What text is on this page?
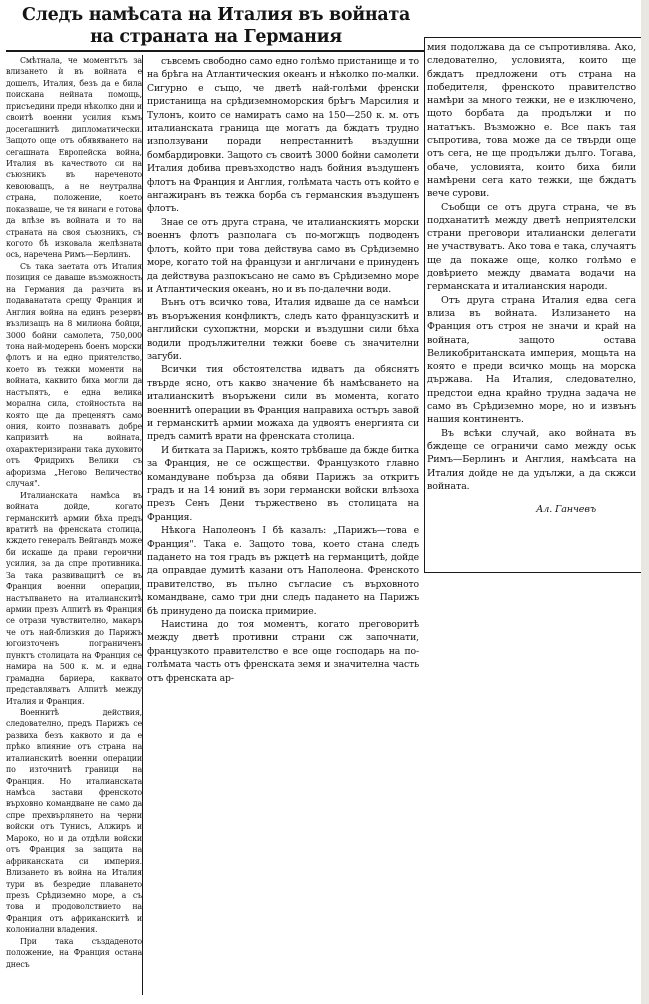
Следъ намѣсата на Италия въ войната
на страната на Германия

Смѣтнала, че моментътъ за влизането ѝ въ войната е дошелъ, Италия, безъ да е била поискана нейната помощь, присъедини преди нѣколко дни и своитѣ военни усилия къмъ досегашнитѣ дипломатически. Защото още отъ обявяването на сегашната Европейска война, Италия въ качеството си на съюзникъ въ нареченото кевоюващъ, а не неутрална страна, положение, което показваше, че тя винаги е готова да влѣзе въ войната и то на страната на своя съюзникъ, съ когото бѣ изковала желѣзната ось, наречена Римъ—Берлинъ.

Съ така заетата отъ Италия позиция се даваше възможность на Германия да разчита въ подаванатата срещу Франция и Англия война на единъ резервъ възлизащъ на 8 милиона бойци, 3000 бойни самолета, 750,000 тона най-модерень боенъ морски флотъ и на едно приятелство, което въ тежки моменти на войната, каквито биха могли да настъпятъ, е една велика морална сила, стойностьта на която ще да преценятъ само ония, които познаватъ добре капризитѣ на войната, охарактеризирани така духовито отъ Фридрихъ Велики съ афоризма „Негово Величество случая".

Италианската намѣса въ войната дойде, когато германскитѣ армии бѣха предъ вратитѣ на френската столица, кждето генералъ Вейгандъ може би искаше да прави героични усилия, за да спре противника. За така развиващитѣ се въ Франция военни операции, настъпването на италианскитѣ армии презъ Алпитѣ въ Франция се отрази чувствително, макаръ че отъ най-близкия до Парижъ югоизточенъ пограниченъ пунктъ столицата на Франция се намира на 500 к. м. и една грамадна бариера, каквато представляватъ Алпитѣ между Италия и Франция.

Военнитѣ действия, следователно, предъ Парижъ се развиха безъ каквото и да е прѣко влияние отъ страна на италианскитѣ военни операции по източнитѣ граници на Франция. Но италианската намѣса застави френското върховно командване не само да спре прехвърлянето на черни войски отъ Тунисъ, Алжиръ и Мароко, но и да отдѣли войски отъ Франция за защита на африканската си империя. Влизането въ война на Италия тури въ безредие плаването презъ Срѣдиземно море, а съ това и продоволствието на Франция отъ африканскитѣ и колониални владения.

При така създаденото положение, на Франция остана днесъ

съвсемъ свободно само едно голѣмо пристанище и то на брѣга на Атлантическия океанъ и нѣколко по-малки. Сигурно е също, че дветѣ най-голѣми френски пристанища на срѣдиземноморския брѣгъ Марсилия и Тулонъ, които се намиратъ само на 150—250 к. м. отъ италианската граница ще могатъ да бждатъ трудно използувани поради непрестаннитѣ въздушни бомбардировки. Защото съ своитѣ 3000 бойни самолети Италия добива превъзходство надъ бойния въздушенъ флотъ на Франция и Англия, голѣмата часть отъ който е ангажиранъ въ тежка борба съ германския въздушенъ флотъ.

Знае се отъ друга страна, че италианскиятъ морски военнъ флотъ разполага съ по-могжщъ подводенъ флотъ, който при това действува само въ Срѣдиземно море, когато той на французи и англичани е принуденъ да действува разпокъсано не само въ Срѣдиземно море и Атлантическия океанъ, но и въ по-далечни води.

Вънъ отъ всичко това, Италия идваше да се намѣси въ въоръжения конфликтъ, следъ като французскитѣ и английски сухопжтни, морски и въздушни сили бѣха водили продължителни тежки боеве съ значителни загуби.

Всички тия обстоятелства идватъ да обяснятъ твърде ясно, отъ какво значение бѣ намѣсването на италианскитѣ въоръжени сили въ момента, когато военнитѣ операции въ Франция направиха остъръ завой и германскитѣ армии можаха да удвоятъ енергията си предъ самитѣ врати на френската столица.

И битката за Парижъ, която трѣбваше да бжде битка за Франция, не се осжществи. Французкото главно командуване побърза да обяви Парижъ за откритъ градъ и на 14 юний въ зори германски войски влѣзоха презъ Сенъ Дени тържествено въ столицата на Франция.

Нѣкога Наполеонъ I бѣ казалъ: „Парижъ—това е Франция". Така е. Защото това, което стана следъ падането на тоя градъ въ ржцетѣ на германцитѣ, дойде да оправдае думитѣ казани отъ Наполеона. Френското правителство, въ пълно съгласие съ върховното командване, само три дни следъ падането на Парижъ бѣ принудено да поиска примирие.

Наистина до тоя моментъ, когато преговоритѣ между дветѣ противни страни сж започнати, французкото правителство е все още господарь на по-голѣмата часть отъ френската земя и значителна часть отъ френската ар-

мия подолжава да се съпротивлява. Ако, следователно, условията, които ще бждатъ предложени отъ страна на победителя, френското правителство намѣри за много тежки, не е изключено, щото борбата да продължи и по нататъкъ. Възможно е. Все пакъ тая съпротива, това може да се твърди още отъ сега, не ще продължи дълго. Тогава, обаче, условията, които биха били намѣрени сега като тежки, ще бждатъ вече сурови.

Съобщи се отъ друга страна, че въ подханатитѣ между дветѣ неприятелски страни преговори италиански делегати не участвуватъ. Ако това е така, случаятъ ще да покаже още, колко голѣмо е довѣрието между двамата водачи на германската и италианския народи.

Отъ друга страна Италия едва сега влиза въ войната. Излизането на Франция отъ строя не значи и край на войната, защото остава Великобританската империя, мощьта на която е преди всичко мощь на морска държава. На Италия, следователно, предстои една крайно трудна задача не само въ Срѣдиземно море, но и извънъ нашия континентъ.

Въ всѣки случай, ако войната въ бждеще се ограничи само между оськ Римъ—Берлинъ и Англия, намѣсата на Италия дойде не да удължи, а да скжси войната.

Ал. Ганчевъ
